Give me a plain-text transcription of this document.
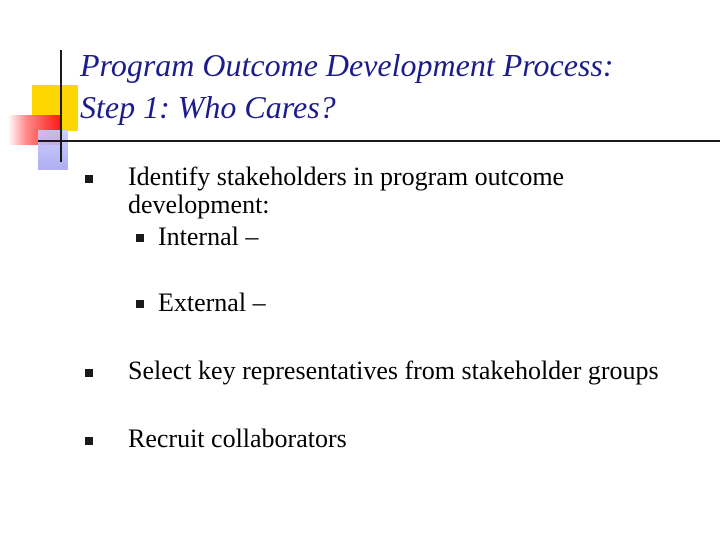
Program Outcome Development Process:
Step 1: Who Cares?
Identify stakeholders in program outcome
development:
Internal –
External –
Select key representatives from stakeholder groups
Recruit collaborators
